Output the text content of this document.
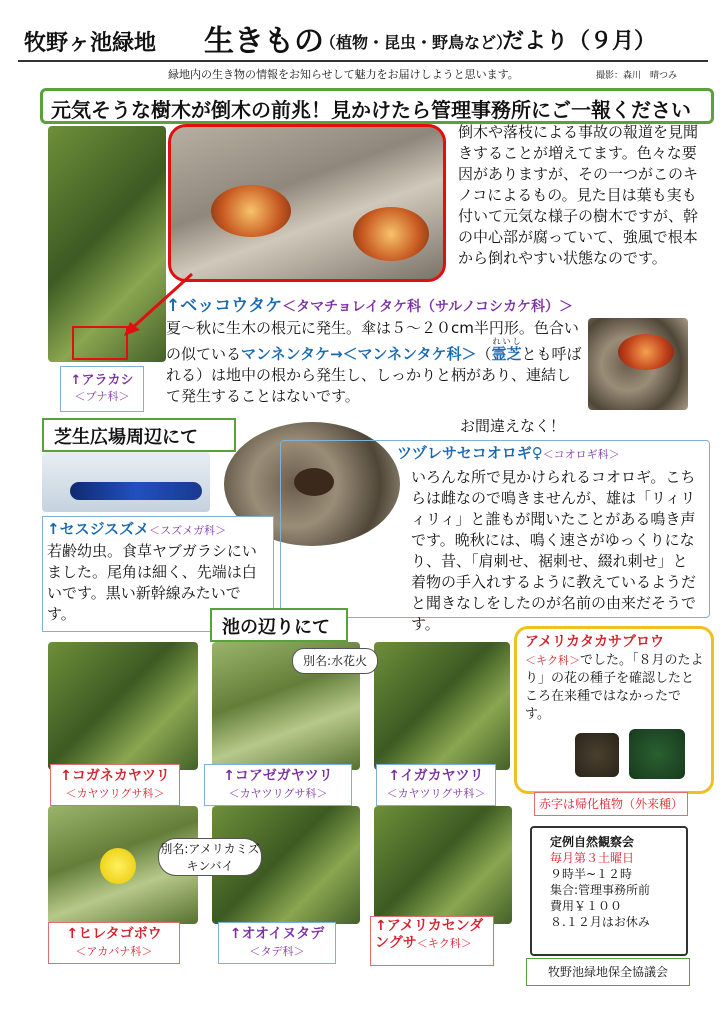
牧野ヶ池緑地 生きもの
（植物・昆虫・野鳥など）
だより（９月）
緑地内の生き物の情報をお知らせして魅力をお届けしようと思います。	撮影：森川　晴つみ
元気そうな樹木が倒木の前兆！見かけたら管理事務所にご一報ください
↑アラカシ
＜ブナ科＞
倒木や落枝による事故の報道を見聞きすることが増えてます。色々な要因がありますが、その一つがこのキノコによるもの。見た目は葉も実も付いて元気な様子の樹木ですが、幹の中心部が腐っていて、強風で根本から倒れやすい状態なのです。
↑ベッコウタケ＜タマチョレイタケ科（サルノコシカケ科）＞夏～秋に生木の根元に発生。傘は５～２０cm半円形。色合いの似ているマンネンタケ→＜マンネンタケ科＞（霊芝れいしとも呼ばれる）は地中の根から発生し、しっかりと柄があり、連結して発生することはないです。
お間違えなく！
芝生広場周辺にて
ツヅレサセコオロギ♀＜コオロギ科＞
いろんな所で見かけられるコオロギ。こちらは雌なので鳴きませんが、雄は「リィリィリィ」と誰もが聞いたことがある鳴き声です。晩秋には、鳴く速さがゆっくりになり、昔、「肩刺せ、裾刺せ、綴れ刺せ」と着物の手入れするように教えているようだと聞きなしをしたのが名前の由来だそうです。
↑セスジスズメ＜スズメガ科＞
若齢幼虫。食草ヤブガラシにいました。尾角は細く、先端は白いです。黒い新幹線みたいです。
池の辺りにて
別名:水花火
↑コガネカヤツリ
＜カヤツリグサ科＞
↑コアゼガヤツリ
＜カヤツリグサ科＞
↑イガカヤツリ
＜カヤツリグサ科＞
アメリカタカサブロウ
＜キク科＞でした。「８月のたより」の花の種子を確認したところ在来種ではなかったです。
赤字は帰化植物（外来種）
別名:アメリカミズキンバイ
↑ヒレタゴボウ
＜アカバナ科＞
↑オオイヌタデ
＜タデ科＞
↑アメリカセンダングサ＜キク科＞
定例自然観察会
毎月第３土曜日
９時半~１２時
集合:管理事務所前
費用￥１００
８.１２月はお休み
牧野池緑地保全協議会
